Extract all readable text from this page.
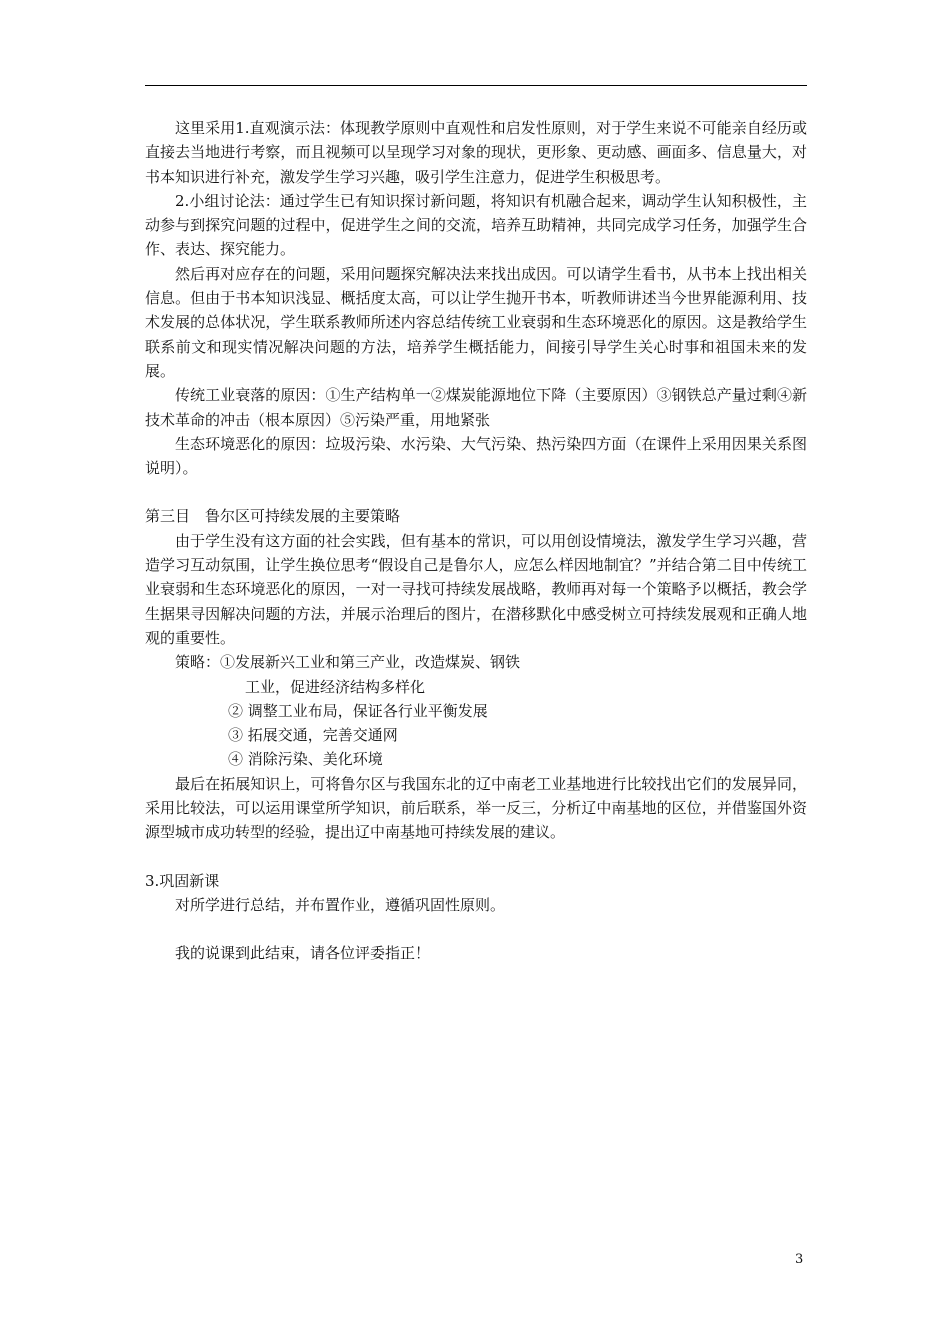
这里采用1.直观演示法：体现教学原则中直观性和启发性原则，对于学生来说不可能亲自经历或直接去当地进行考察，而且视频可以呈现学习对象的现状，更形象、更动感、画面多、信息量大，对书本知识进行补充，激发学生学习兴趣，吸引学生注意力，促进学生积极思考。

2.小组讨论法：通过学生已有知识探讨新问题，将知识有机融合起来，调动学生认知积极性，主动参与到探究问题的过程中，促进学生之间的交流，培养互助精神，共同完成学习任务，加强学生合作、表达、探究能力。

然后再对应存在的问题，采用问题探究解决法来找出成因。可以请学生看书，从书本上找出相关信息。但由于书本知识浅显、概括度太高，可以让学生抛开书本，听教师讲述当今世界能源利用、技术发展的总体状况，学生联系教师所述内容总结传统工业衰弱和生态环境恶化的原因。这是教给学生联系前文和现实情况解决问题的方法，培养学生概括能力，间接引导学生关心时事和祖国未来的发展。

传统工业衰落的原因：①生产结构单一②煤炭能源地位下降（主要原因）③钢铁总产量过剩④新技术革命的冲击（根本原因）⑤污染严重，用地紧张

生态环境恶化的原因：垃圾污染、水污染、大气污染、热污染四方面（在课件上采用因果关系图说明）。

第三目　鲁尔区可持续发展的主要策略

由于学生没有这方面的社会实践，但有基本的常识，可以用创设情境法，激发学生学习兴趣，营造学习互动氛围，让学生换位思考“假设自己是鲁尔人，应怎么样因地制宜？”并结合第二目中传统工业衰弱和生态环境恶化的原因，一对一寻找可持续发展战略，教师再对每一个策略予以概括，教会学生据果寻因解决问题的方法，并展示治理后的图片，在潜移默化中感受树立可持续发展观和正确人地观的重要性。

策略：①发展新兴工业和第三产业，改造煤炭、钢铁
工业，促进经济结构多样化
② 调整工业布局，保证各行业平衡发展
③ 拓展交通，完善交通网
④ 消除污染、美化环境

最后在拓展知识上，可将鲁尔区与我国东北的辽中南老工业基地进行比较找出它们的发展异同，采用比较法，可以运用课堂所学知识，前后联系，举一反三，分析辽中南基地的区位，并借鉴国外资源型城市成功转型的经验，提出辽中南基地可持续发展的建议。

3.巩固新课

对所学进行总结，并布置作业，遵循巩固性原则。

我的说课到此结束，请各位评委指正！

3
